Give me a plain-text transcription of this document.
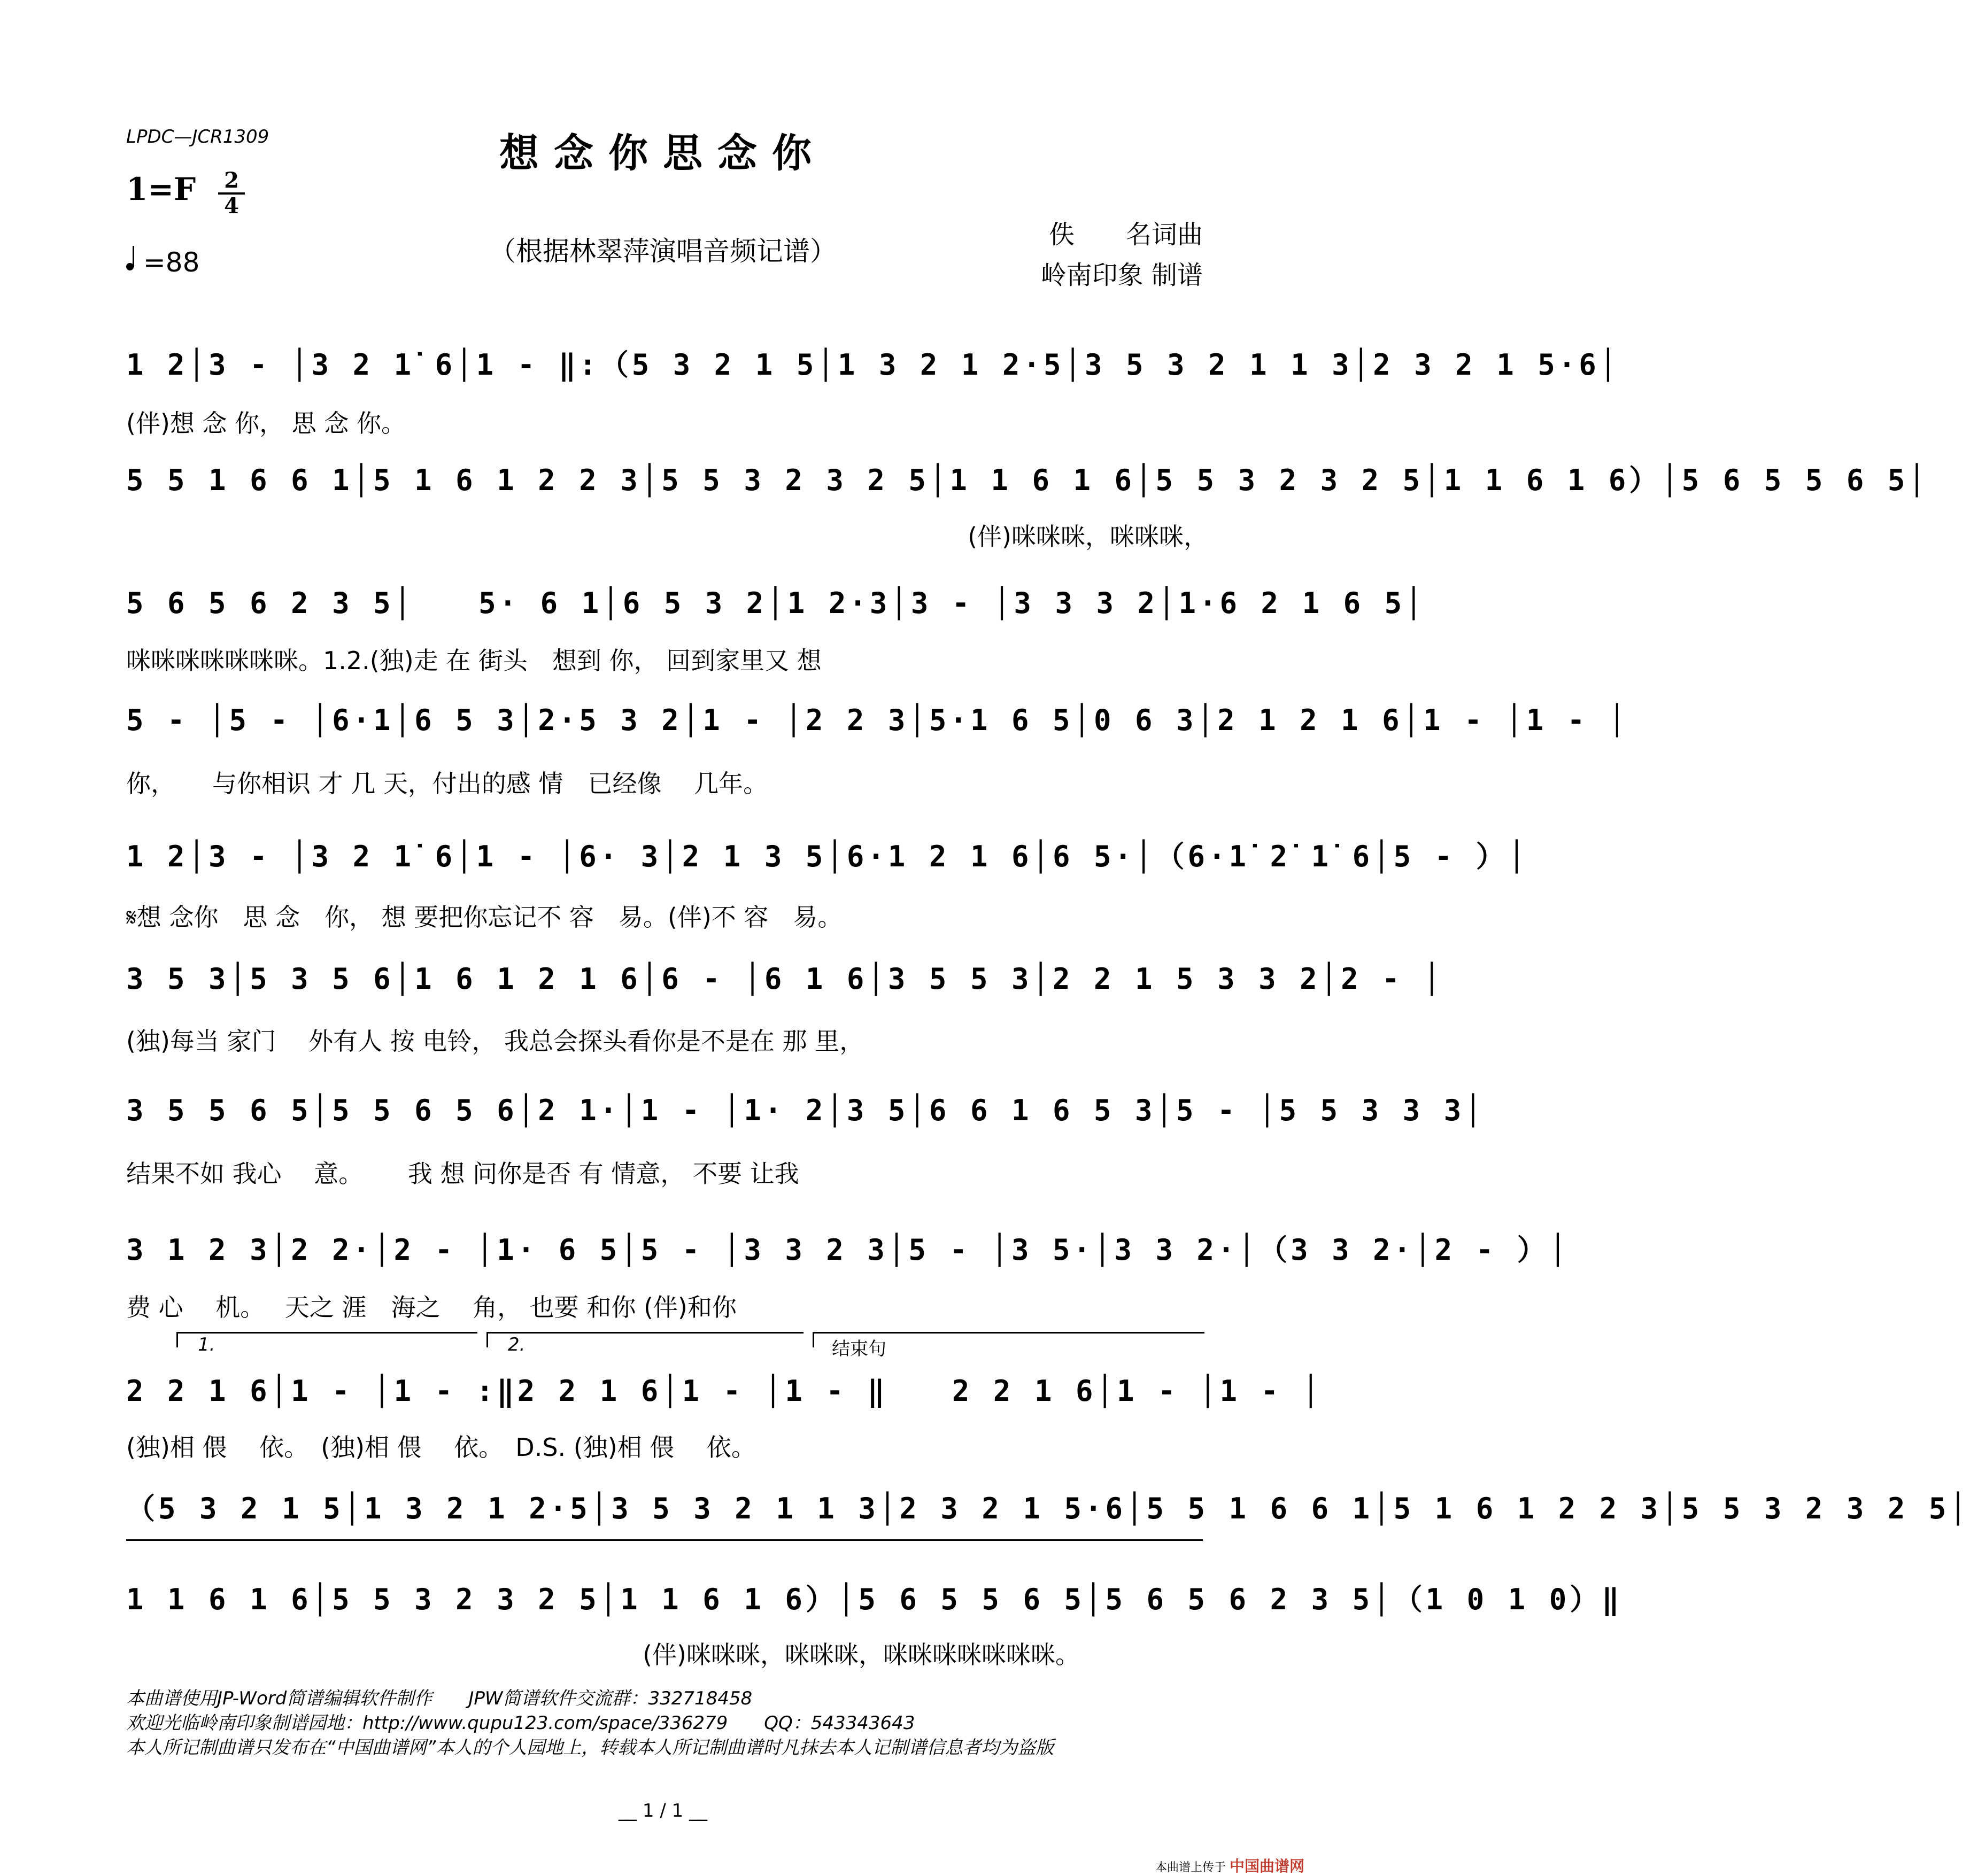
LPDC—JCR1309	想念你思念你
1=F 2
4
=88	（根据林翠萍演唱音频记谱）
佚　　名词曲
岭南印象 制谱
1 2│3 - │3 2 1̇ 6│1 - ‖:（5 3 2 1 5│1 3 2 1 2·5│3 5 3 2 1 1 3│2 3 2 1 5·6│
(伴)想 念 你， 思 念 你。
5 5 1 6 6 1│5 1 6 1 2 2 3│5 5 3 2 3 2 5│1 1 6 1 6│5 5 3 2 3 2 5│1 1 6 1 6）│5 6 5 5 6 5│
(伴)咪咪咪，咪咪咪，
5 6 5 6 2 3 5│　　5· 6 1│6 5 3 2│1 2·3│3 - │3 3 3 2│1·6 2 1 6 5│
咪咪咪咪咪咪咪。1.2.(独)走 在 街头　想到 你， 回到家里又 想
5 - │5 - │6·1│6 5 3│2·5 3 2│1 - │2 2 3│5·1 6 5│0 6 3│2 1 2 1 6│1 - │1 - │
你，　　与你相识 才 几 天，付出的感 情　已经像　 几年。
1 2│3 - │3 2 1̇ 6│1 - │6· 3│2 1 3 5│6·1 2 1 6│6 5·│（6·1̇ 2̇ 1̇ 6│5 - ）│
𝄋想 念你　思 念　你， 想 要把你忘记不 容　易。(伴)不 容　易。
3 5 3│5 3 5 6│1 6 1 2 1 6│6 - │6 1 6│3 5 5 3│2 2 1 5 3 3 2│2 - │
(独)每当 家门　 外有人 按 电铃， 我总会探头看你是不是在 那 里，
3 5 5 6 5│5 5 6 5 6│2 1·│1 - │1· 2│3 5│6 6 1 6 5 3│5 - │5 5 3 3 3│
结果不如 我心　 意。　　 我 想 问你是否 有 情意， 不要 让我
3 1 2 3│2 2·│2 - │1· 6 5│5 - │3 3 2 3│5 - │3 5·│3 3 2·│（3 3 2·│2 - ）│
费 心　 机。　 天之 涯　海之　 角， 也要 和你 (伴)和你
1.	2.	结束句
2 2 1 6│1 - │1 - :‖2 2 1 6│1 - │1 - ‖　　2 2 1 6│1 - │1 - │
(独)相 偎　 依。　(独)相 偎　 依。　D.S. (独)相 偎　 依。
（5 3 2 1 5│1 3 2 1 2·5│3 5 3 2 1 1 3│2 3 2 1 5·6│5 5 1 6 6 1│5 1 6 1 2 2 3│5 5 3 2 3 2 5│
1 1 6 1 6│5 5 3 2 3 2 5│1 1 6 1 6）│5 6 5 5 6 5│5 6 5 6 2 3 5│（1 0 1 0）‖
(伴)咪咪咪，咪咪咪，咪咪咪咪咪咪咪。
本曲谱使用JP-Word简谱编辑软件制作　　JPW简谱软件交流群：332718458
欢迎光临岭南印象制谱园地：http://www.qupu123.com/space/336279　　QQ：543343643
本人所记制曲谱只发布在“中国曲谱网”本人的个人园地上，转载本人所记制曲谱时凡抹去本人记制谱信息者均为盗版
__ 1 / 1 __
本曲谱上传于 中国曲谱网
